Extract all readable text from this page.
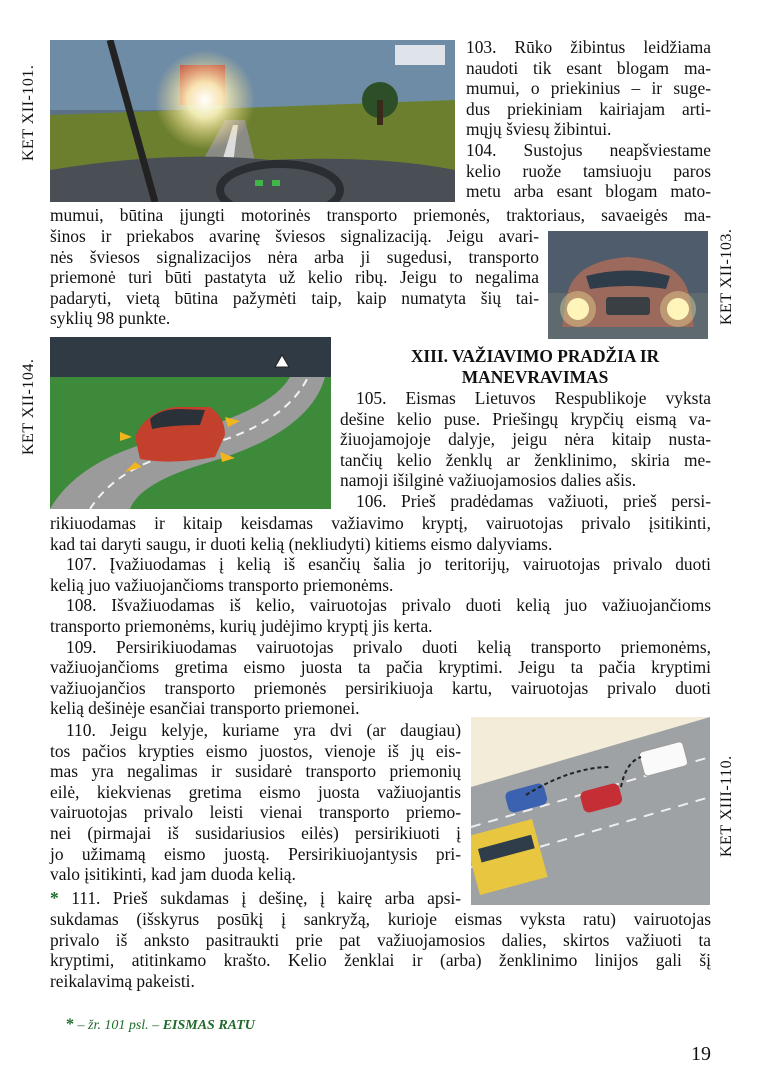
KET XII-101.
KET XII-103.
KET XII-104.
KET XIII-110.
103. Rūko žibintus leidžiama
naudoti tik esant blogam ma-
mumui, o priekinius – ir suge-
dus priekiniam kairiajam arti-
mųjų šviesų žibintui.
104. Sustojus neapšviestame
kelio ruože tamsiuoju paros
metu arba esant blogam mato-
mumui, būtina įjungti motorinės transporto priemonės, traktoriaus, savaeigės ma-
šinos ir priekabos avarinę šviesos signalizaciją. Jeigu avari-
nės šviesos signalizacijos nėra arba ji sugedusi, transporto
priemonė turi būti pastatyta už kelio ribų. Jeigu to negalima
padaryti, vietą būtina pažymėti taip, kaip numatyta šių tai-
syklių 98 punkte.
XIII. VAŽIAVIMO PRADŽIA IR
MANEVRAVIMAS
105. Eismas Lietuvos Respublikoje vyksta
dešine kelio puse. Priešingų krypčių eismą va-
žiuojamojoje dalyje, jeigu nėra kitaip nusta-
tančių kelio ženklų ar ženklinimo, skiria me-
namoji išilginė važiuojamosios dalies ašis.
106. Prieš pradėdamas važiuoti, prieš persi-
rikiuodamas ir kitaip keisdamas važiavimo kryptį, vairuotojas privalo įsitikinti,
kad tai daryti saugu, ir duoti kelią (nekliudyti) kitiems eismo dalyviams.
107. Įvažiuodamas į kelią iš esančių šalia jo teritorijų, vairuotojas privalo duoti
kelią juo važiuojančioms transporto priemonėms.
108. Išvažiuodamas iš kelio, vairuotojas privalo duoti kelią juo važiuojančioms
transporto priemonėms, kurių judėjimo kryptį jis kerta.
109. Persirikiuodamas vairuotojas privalo duoti kelią transporto priemonėms,
važiuojančioms gretima eismo juosta ta pačia kryptimi. Jeigu ta pačia kryptimi
važiuojančios transporto priemonės persirikiuoja kartu, vairuotojas privalo duoti
kelią dešinėje esančiai transporto priemonei.
110. Jeigu kelyje, kuriame yra dvi (ar daugiau)
tos pačios krypties eismo juostos, vienoje iš jų eis-
mas yra negalimas ir susidarė transporto priemonių
eilė, kiekvienas gretima eismo juosta važiuojantis
vairuotojas privalo leisti vienai transporto priemo-
nei (pirmajai iš susidariusios eilės) persirikiuoti į
jo užimamą eismo juostą. Persirikiuojantysis pri-
valo įsitikinti, kad jam duoda kelią.
* 111. Prieš sukdamas į dešinę, į kairę arba apsi-
sukdamas (išskyrus posūkį į sankryžą, kurioje eismas vyksta ratu) vairuotojas
privalo iš anksto pasitraukti prie pat važiuojamosios dalies, skirtos važiuoti ta
kryptimi, atitinkamo krašto. Kelio ženklai ir (arba) ženklinimo linijos gali šį
reikalavimą pakeisti.
* – žr. 101 psl. – EISMAS RATU
19
